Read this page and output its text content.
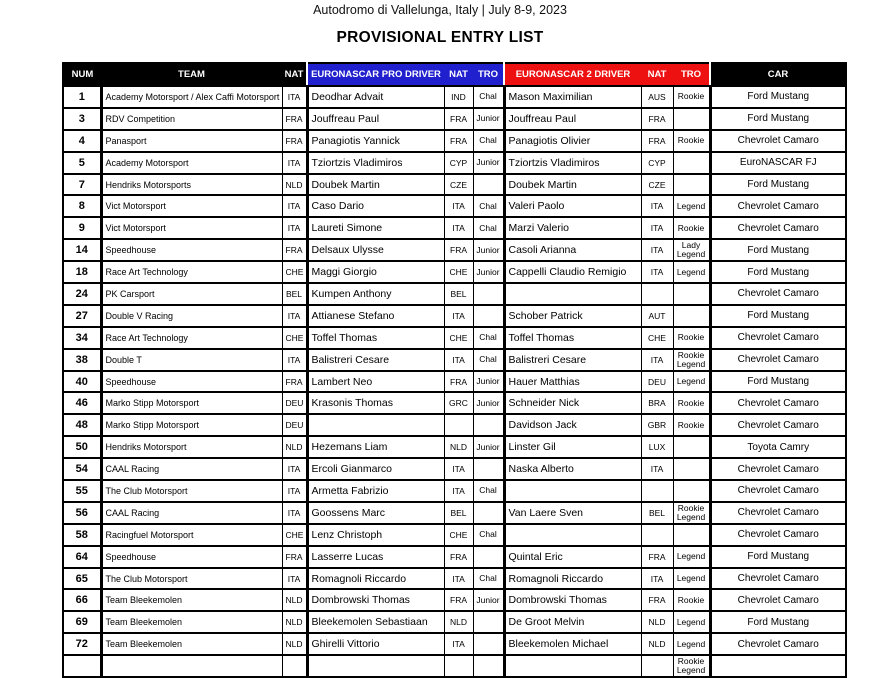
Autodromo di Vallelunga, Italy | July 8-9, 2023
PROVISIONAL ENTRY LIST
NUM	TEAM	NAT	EURONASCAR PRO DRIVER	NAT	TRO	EURONASCAR 2 DRIVER	NAT	TRO	CAR
1	Academy Motorsport / Alex Caffi Motorsport	ITA	Deodhar Advait	IND	Chal	Mason Maximilian	AUS	Rookie	Ford Mustang
3	RDV Competition	FRA	Jouffreau Paul	FRA	Junior	Jouffreau Paul	FRA		Ford Mustang
4	Panasport	FRA	Panagiotis Yannick	FRA	Chal	Panagiotis Olivier	FRA	Rookie	Chevrolet Camaro
5	Academy Motorsport	ITA	Tziortzis Vladimiros	CYP	Junior	Tziortzis Vladimiros	CYP		EuroNASCAR FJ
7	Hendriks Motorsports	NLD	Doubek Martin	CZE		Doubek Martin	CZE		Ford Mustang
8	Vict Motorsport	ITA	Caso Dario	ITA	Chal	Valeri Paolo	ITA	Legend	Chevrolet Camaro
9	Vict Motorsport	ITA	Laureti Simone	ITA	Chal	Marzi Valerio	ITA	Rookie	Chevrolet Camaro
14	Speedhouse	FRA	Delsaux Ulysse	FRA	Junior	Casoli Arianna	ITA	Lady Legend	Ford Mustang
18	Race Art Technology	CHE	Maggi Giorgio	CHE	Junior	Cappelli Claudio Remigio	ITA	Legend	Ford Mustang
24	PK Carsport	BEL	Kumpen Anthony	BEL					Chevrolet Camaro
27	Double V Racing	ITA	Attianese Stefano	ITA		Schober Patrick	AUT		Ford Mustang
34	Race Art Technology	CHE	Toffel Thomas	CHE	Chal	Toffel Thomas	CHE	Rookie	Chevrolet Camaro
38	Double T	ITA	Balistreri Cesare	ITA	Chal	Balistreri Cesare	ITA	Rookie Legend	Chevrolet Camaro
40	Speedhouse	FRA	Lambert Neo	FRA	Junior	Hauer Matthias	DEU	Legend	Ford Mustang
46	Marko Stipp Motorsport	DEU	Krasonis Thomas	GRC	Junior	Schneider Nick	BRA	Rookie	Chevrolet Camaro
48	Marko Stipp Motorsport	DEU				Davidson Jack	GBR	Rookie	Chevrolet Camaro
50	Hendriks Motorsport	NLD	Hezemans Liam	NLD	Junior	Linster Gil	LUX		Toyota Camry
54	CAAL Racing	ITA	Ercoli Gianmarco	ITA		Naska Alberto	ITA		Chevrolet Camaro
55	The Club Motorsport	ITA	Armetta Fabrizio	ITA	Chal				Chevrolet Camaro
56	CAAL Racing	ITA	Goossens Marc	BEL		Van Laere Sven	BEL	Rookie Legend	Chevrolet Camaro
58	Racingfuel Motorsport	CHE	Lenz Christoph	CHE	Chal				Chevrolet Camaro
64	Speedhouse	FRA	Lasserre Lucas	FRA		Quintal Eric	FRA	Legend	Ford Mustang
65	The Club Motorsport	ITA	Romagnoli Riccardo	ITA	Chal	Romagnoli Riccardo	ITA	Legend	Chevrolet Camaro
66	Team Bleekemolen	NLD	Dombrowski Thomas	FRA	Junior	Dombrowski Thomas	FRA	Rookie	Chevrolet Camaro
69	Team Bleekemolen	NLD	Bleekemolen Sebastiaan	NLD		De Groot Melvin	NLD	Legend	Ford Mustang
72	Team Bleekemolen	NLD	Ghirelli Vittorio	ITA		Bleekemolen Michael	NLD	Legend	Chevrolet Camaro
								Rookie Legend	
